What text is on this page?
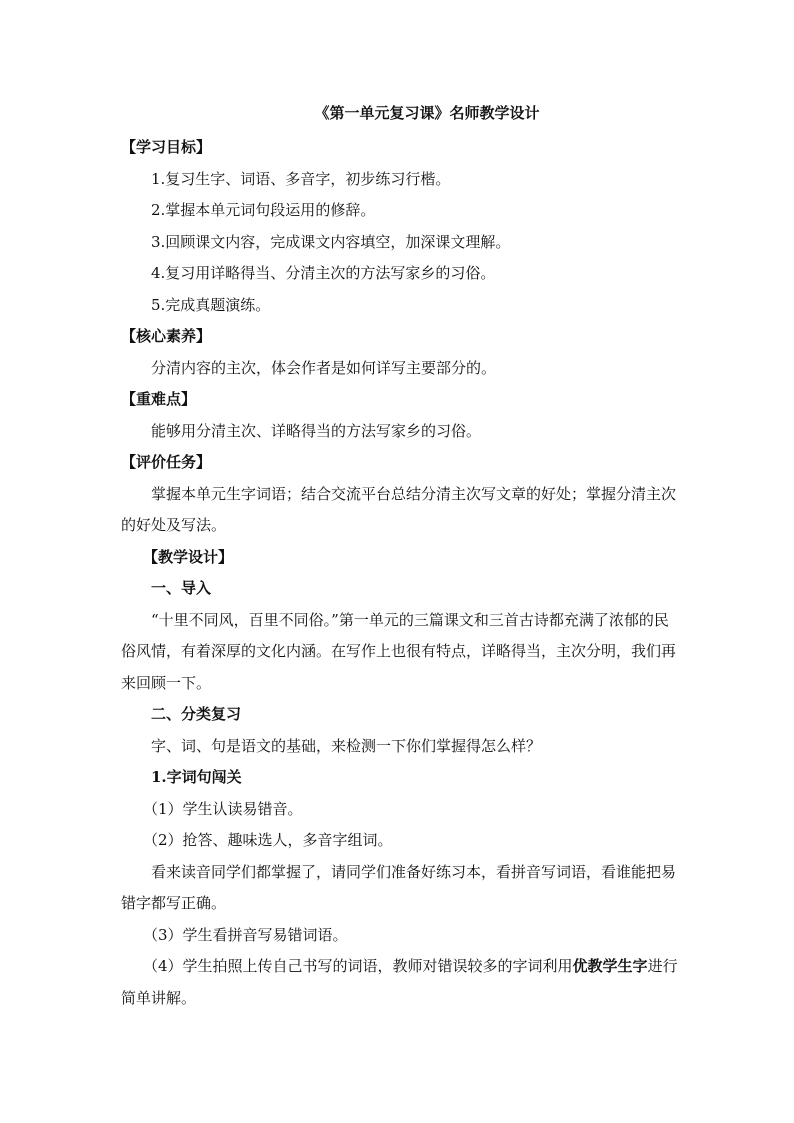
《第一单元复习课》名师教学设计

【学习目标】

1.复习生字、词语、多音字，初步练习行楷。

2.掌握本单元词句段运用的修辞。

3.回顾课文内容，完成课文内容填空，加深课文理解。

4.复习用详略得当、分清主次的方法写家乡的习俗。

5.完成真题演练。

【核心素养】

分清内容的主次，体会作者是如何详写主要部分的。

【重难点】

能够用分清主次、详略得当的方法写家乡的习俗。

【评价任务】

掌握本单元生字词语；结合交流平台总结分清主次写文章的好处；掌握分清主次的好处及写法。

【教学设计】

一、导入

“十里不同风，百里不同俗。”第一单元的三篇课文和三首古诗都充满了浓郁的民俗风情，有着深厚的文化内涵。在写作上也很有特点，详略得当，主次分明，我们再来回顾一下。

二、分类复习

字、词、句是语文的基础，来检测一下你们掌握得怎么样？

1.字词句闯关

（1）学生认读易错音。

（2）抢答、趣味选人，多音字组词。

看来读音同学们都掌握了，请同学们准备好练习本，看拼音写词语，看谁能把易错字都写正确。

（3）学生看拼音写易错词语。

（4）学生拍照上传自己书写的词语，教师对错误较多的字词利用优教学生字进行简单讲解。
